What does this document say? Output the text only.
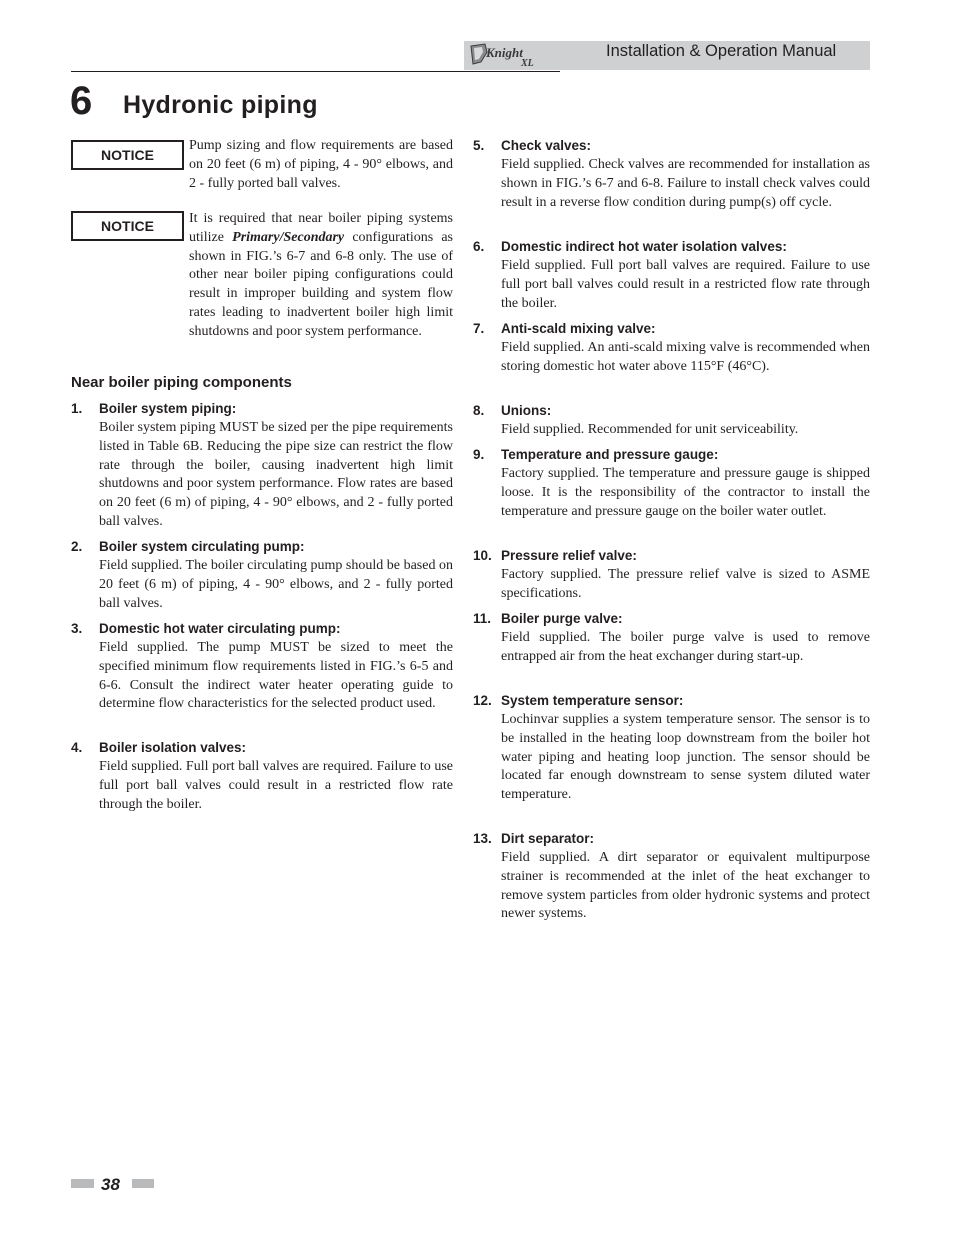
Knight
XL
Installation & Operation Manual
6 Hydronic piping
NOTICE
Pump sizing and flow requirements are based on 20 feet (6 m) of piping, 4 - 90° elbows, and 2 - fully ported ball valves.
NOTICE	It is required that near boiler piping systems utilize Primary/Secondary configurations as shown in FIG.’s 6-7 and 6-8 only. The use of other near boiler piping configurations could result in improper building and system flow rates leading to inadvertent boiler high limit shutdowns and poor system performance.
Near boiler piping components
1. Boiler system piping:
Boiler system piping MUST be sized per the pipe requirements listed in Table 6B. Reducing the pipe size can restrict the flow rate through the boiler, causing inadvertent high limit shutdowns and poor system performance. Flow rates are based on 20 feet (6 m) of piping, 4 - 90° elbows, and 2 - fully ported ball valves.
2. Boiler system circulating pump:
Field supplied. The boiler circulating pump should be based on 20 feet (6 m) of piping, 4 - 90° elbows, and 2 - fully ported ball valves.
3. Domestic hot water circulating pump:
Field supplied. The pump MUST be sized to meet the specified minimum flow requirements listed in FIG.’s 6-5 and 6-6. Consult the indirect water heater operating guide to determine flow characteristics for the selected product used.
4. Boiler isolation valves:
Field supplied. Full port ball valves are required. Failure to use full port ball valves could result in a restricted flow rate through the boiler.
5. Check valves:
Field supplied. Check valves are recommended for installation as shown in FIG.’s 6-7 and 6-8. Failure to install check valves could result in a reverse flow condition during pump(s) off cycle.
6. Domestic indirect hot water isolation valves:
Field supplied. Full port ball valves are required. Failure to use full port ball valves could result in a restricted flow rate through the boiler.
7. Anti-scald mixing valve:
Field supplied. An anti-scald mixing valve is recommended when storing domestic hot water above 115°F (46°C).
8. Unions:
Field supplied. Recommended for unit serviceability.
9. Temperature and pressure gauge:
Factory supplied. The temperature and pressure gauge is shipped loose. It is the responsibility of the contractor to install the temperature and pressure gauge on the boiler water outlet.
10. Pressure relief valve:
Factory supplied. The pressure relief valve is sized to ASME specifications.
11. Boiler purge valve:
Field supplied. The boiler purge valve is used to remove entrapped air from the heat exchanger during start-up.
12. System temperature sensor:
Lochinvar supplies a system temperature sensor. The sensor is to be installed in the heating loop downstream from the boiler hot water piping and heating loop junction. The sensor should be located far enough downstream to sense system diluted water temperature.
13. Dirt separator:
Field supplied. A dirt separator or equivalent multipurpose strainer is recommended at the inlet of the heat exchanger to remove system particles from older hydronic systems and protect newer systems.
38
